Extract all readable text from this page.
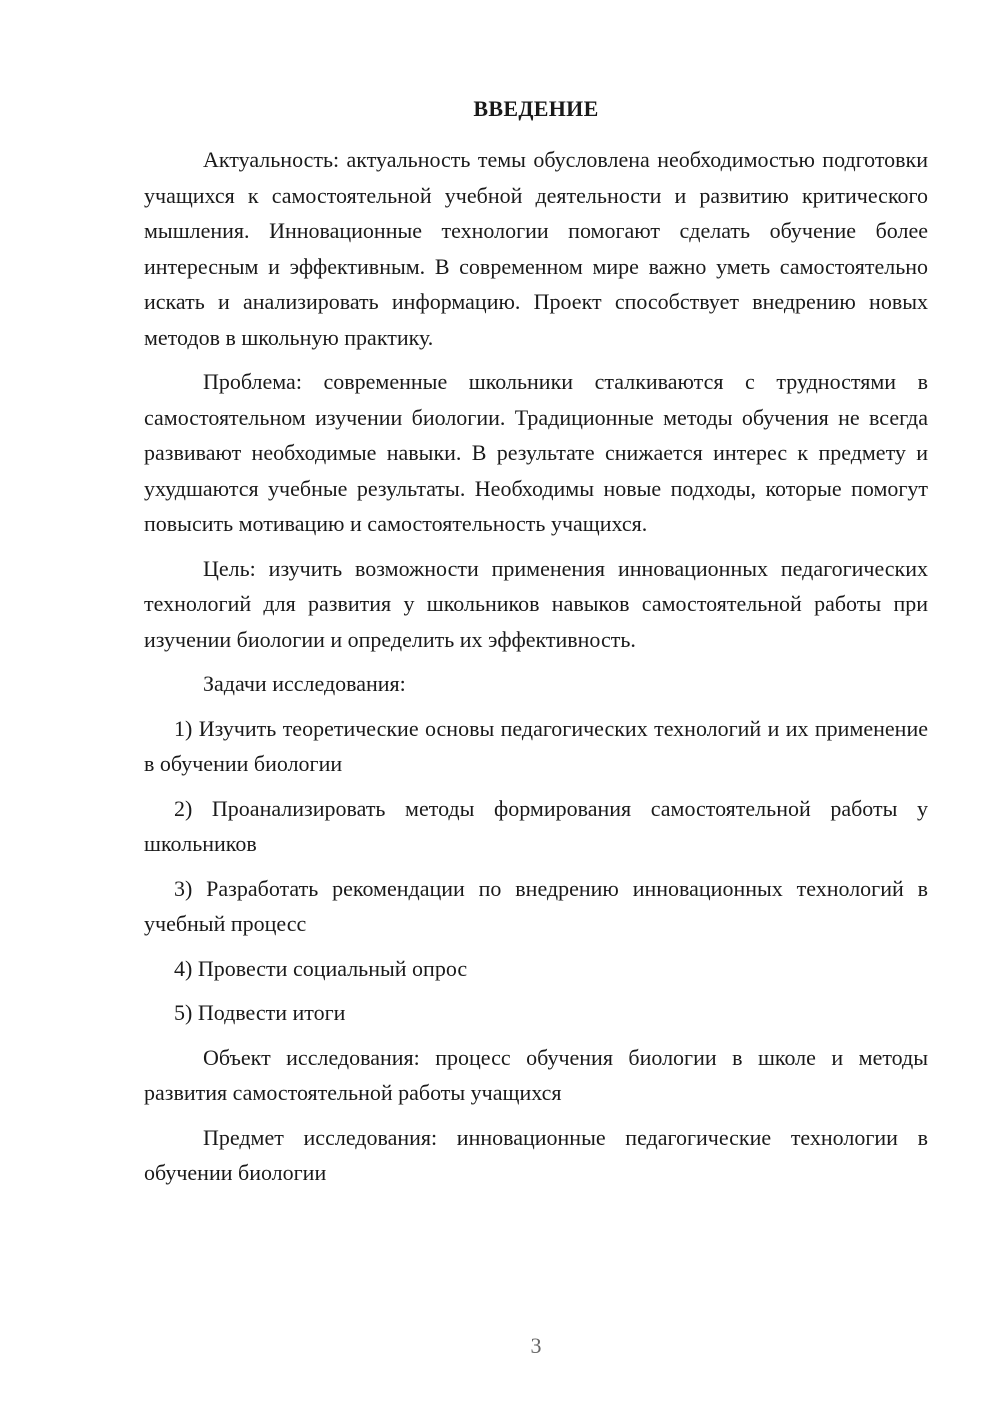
ВВЕДЕНИЕ

Актуальность: актуальность темы обусловлена необходимостью подготовки учащихся к самостоятельной учебной деятельности и развитию критического мышления. Инновационные технологии помогают сделать обучение более интересным и эффективным. В современном мире важно уметь самостоятельно искать и анализировать информацию. Проект способствует внедрению новых методов в школьную практику.

Проблема: современные школьники сталкиваются с трудностями в самостоятельном изучении биологии. Традиционные методы обучения не всегда развивают необходимые навыки. В результате снижается интерес к предмету и ухудшаются учебные результаты. Необходимы новые подходы, которые помогут повысить мотивацию и самостоятельность учащихся.

Цель: изучить возможности применения инновационных педагогических технологий для развития у школьников навыков самостоятельной работы при изучении биологии и определить их эффективность.

Задачи исследования:

1) Изучить теоретические основы педагогических технологий и их применение в обучении биологии

2) Проанализировать методы формирования самостоятельной работы у школьников

3) Разработать рекомендации по внедрению инновационных технологий в учебный процесс

4) Провести социальный опрос

5) Подвести итоги

Объект исследования: процесс обучения биологии в школе и методы развития самостоятельной работы учащихся

Предмет исследования: инновационные педагогические технологии в обучении биологии

3
